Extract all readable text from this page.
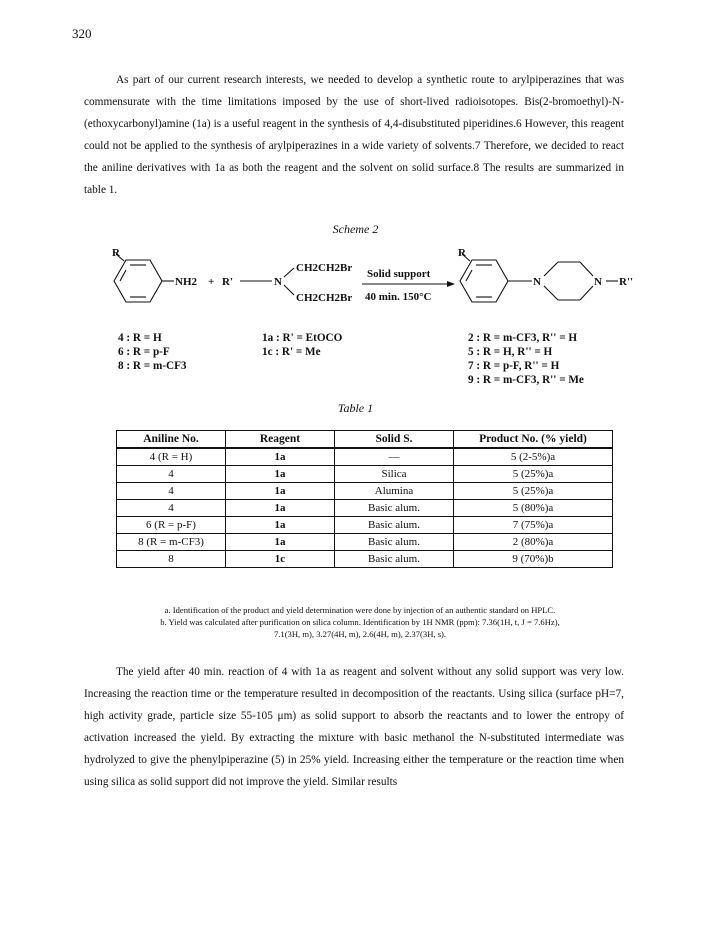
320

As part of our current research interests, we needed to develop a synthetic route to arylpiperazines that was commensurate with the time limitations imposed by the use of short-lived radioisotopes. Bis(2-bromoethyl)-N-(ethoxycarbonyl)amine (1a) is a useful reagent in the synthesis of 4,4-disubstituted piperidines.6 However, this reagent could not be applied to the synthesis of arylpiperazines in a wide variety of solvents.7 Therefore, we decided to react the aniline derivatives with 1a as both the reagent and the solvent on solid surface.8 The results are summarized in table 1.

Scheme 2
R
NH2 + R'	N
CH2CH2Br
CH2CH2Br
Solid support
40 min. 150°C
R
N	N R''
4 : R = H
6 : R = p-F
8 : R = m-CF3
1a : R' = EtOCO
1c : R' = Me
2 : R = m-CF3, R'' = H
5 : R = H, R'' = H
7 : R = p-F, R'' = H
9 : R = m-CF3, R'' = Me
Table 1
Aniline No.	Reagent	Solid S.	Product No. (% yield)
4 (R = H)	1a	—	5 (2-5%)a
4	1a	Silica	5 (25%)a
4	1a	Alumina	5 (25%)a
4	1a	Basic alum.	5 (80%)a
6 (R = p-F)	1a	Basic alum.	7 (75%)a
8 (R = m-CF3)	1a	Basic alum.	2 (80%)a
8	1c	Basic alum.	9 (70%)b
a. Identification of the product and yield determination were done by injection of an authentic standard on HPLC.
b. Yield was calculated after purification on silica column. Identification by 1H NMR (ppm): 7.36(1H, t, J = 7.6Hz),
7.1(3H, m), 3.27(4H, m), 2.6(4H, m), 2.37(3H, s).

The yield after 40 min. reaction of 4 with 1a as reagent and solvent without any solid support was very low. Increasing the reaction time or the temperature resulted in decomposition of the reactants. Using silica (surface pH=7, high activity grade, particle size 55-105 μm) as solid support to absorb the reactants and to lower the entropy of activation increased the yield. By extracting the mixture with basic methanol the N-substituted intermediate was hydrolyzed to give the phenylpiperazine (5) in 25% yield. Increasing either the temperature or the reaction time when using silica as solid support did not improve the yield. Similar results
